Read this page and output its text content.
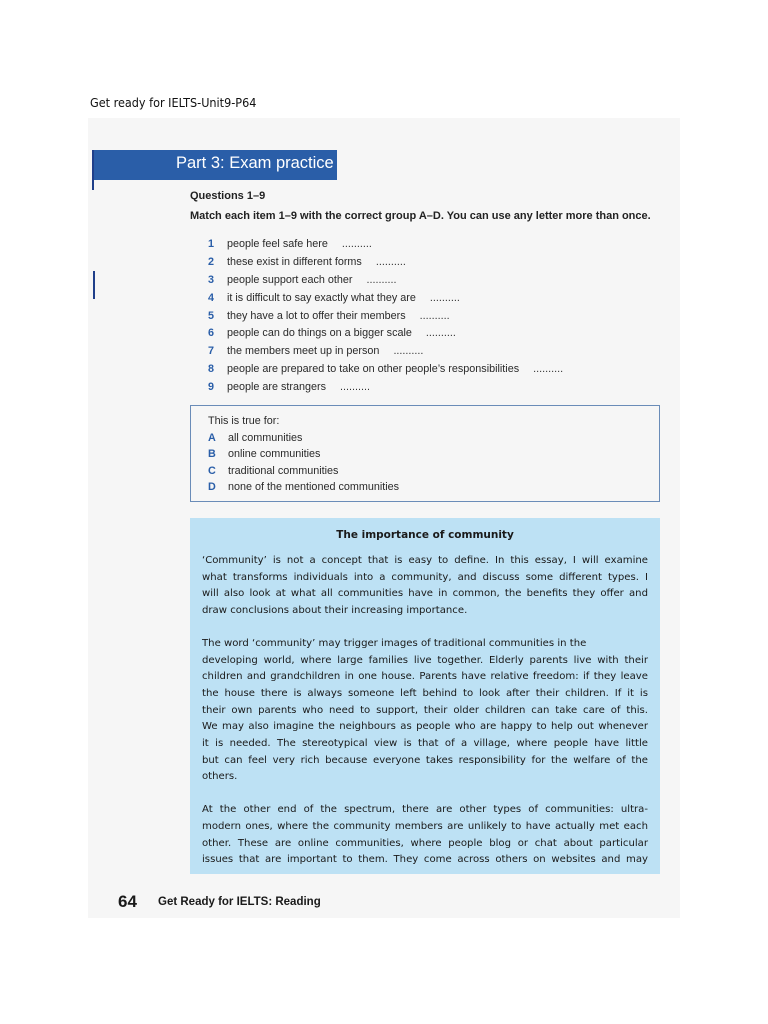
Get ready for IELTS-Unit9-P64
Part 3: Exam practice
Questions 1–9
Match each item 1–9 with the correct group A–D. You can use any letter more than once.
1 people feel safe here ..........
2 these exist in different forms ..........
3 people support each other ..........
4 it is difficult to say exactly what they are ..........
5 they have a lot to offer their members ..........
6 people can do things on a bigger scale ..........
7 the members meet up in person ..........
8 people are prepared to take on other people’s responsibilities ..........
9 people are strangers ..........
This is true for:
A all communities
B online communities
C traditional communities
D none of the mentioned communities
The importance of community
‘Community’ is not a concept that is easy to define. In this essay, I will examine
what transforms individuals into a community, and discuss some different types. I
will also look at what all communities have in common, the benefits they offer and
draw conclusions about their increasing importance.
The word ‘community’ may trigger images of traditional communities in the
developing world, where large families live together. Elderly parents live with their
children and grandchildren in one house. Parents have relative freedom: if they leave
the house there is always someone left behind to look after their children. If it is
their own parents who need to support, their older children can take care of this.
We may also imagine the neighbours as people who are happy to help out whenever
it is needed. The stereotypical view is that of a village, where people have little
but can feel very rich because everyone takes responsibility for the welfare of the
others.
At the other end of the spectrum, there are other types of communities: ultra-
modern ones, where the community members are unlikely to have actually met each
other. These are online communities, where people blog or chat about particular
issues that are important to them. They come across others on websites and may
64 Get Ready for IELTS: Reading
